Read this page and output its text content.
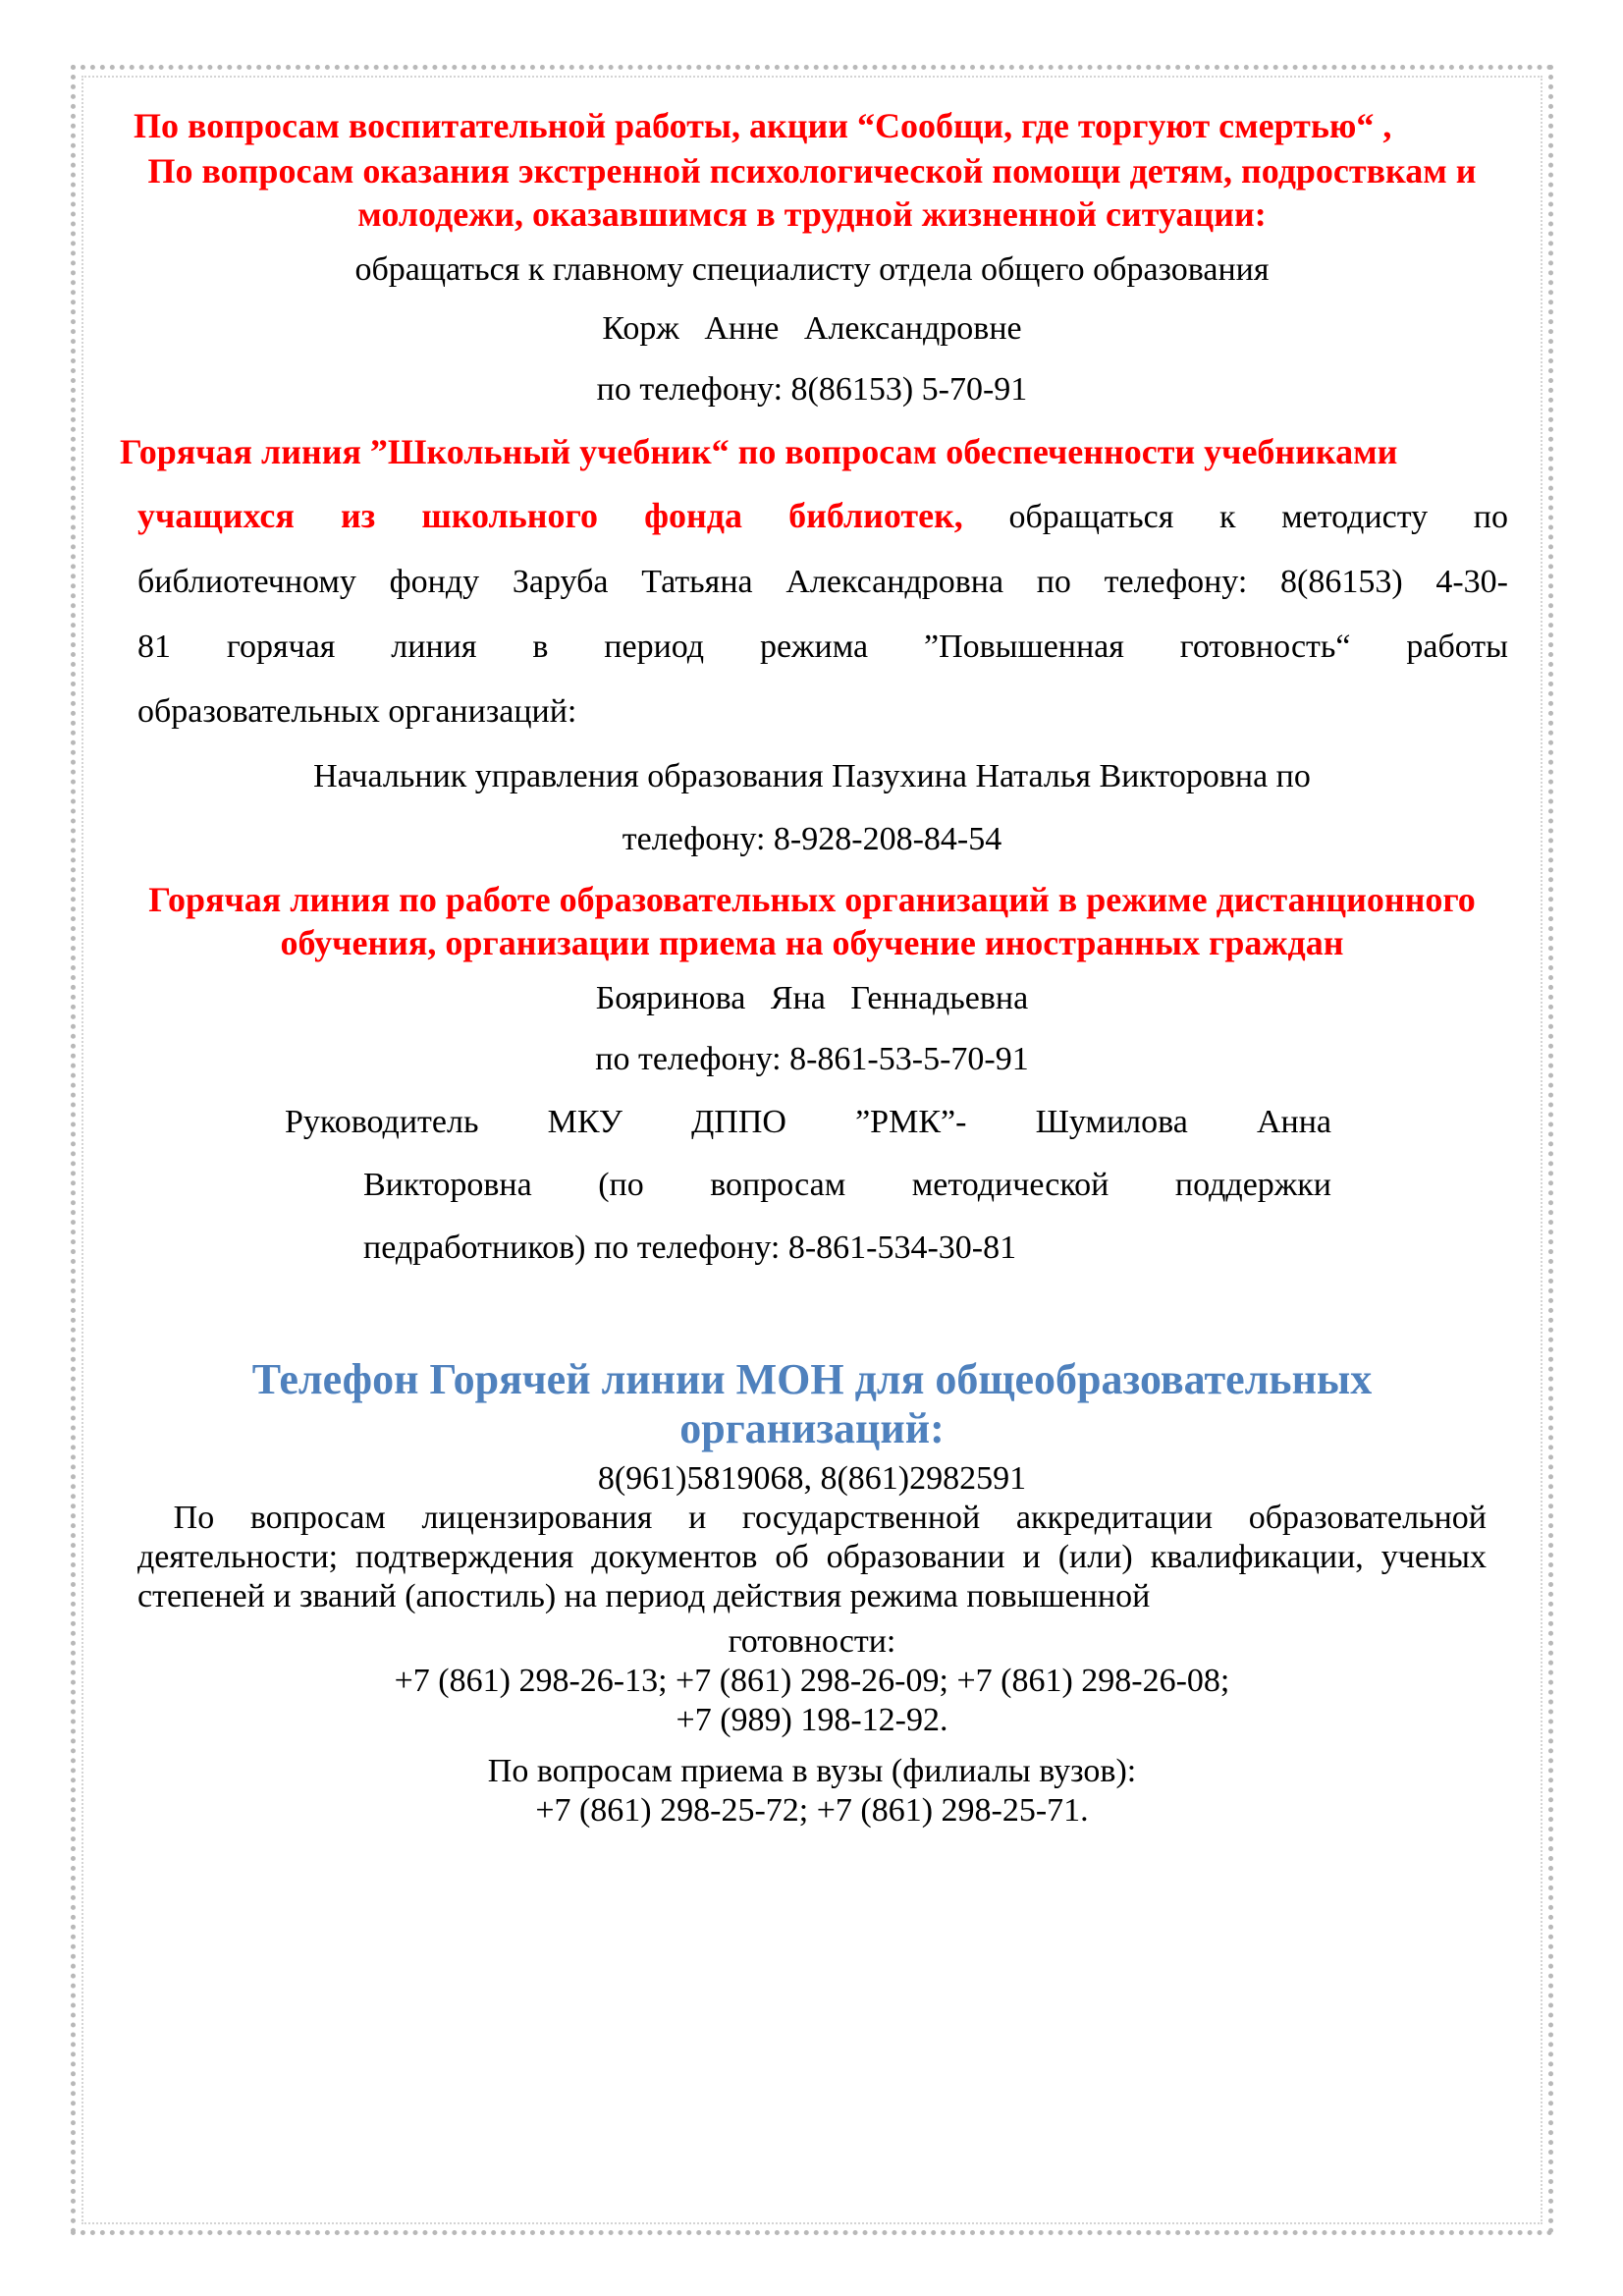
По вопросам воспитательной работы, акции “Сообщи, где торгуют смертью“ ,

По вопросам оказания экстренной психологической помощи детям, подроствкам и молодежи, оказавшимся в трудной жизненной ситуации:

обращаться к главному специалисту отдела общего образования

Корж   Анне   Александровне

по телефону: 8(86153) 5-70-91

Горячая линия ”Школьный учебник“ по вопросам обеспеченности учебниками

учащихся из школьного фонда библиотек, обращаться к методисту по

библиотечному фонду Заруба Татьяна Александровна по телефону: 8(86153) 4-30-

81 горячая линия в период режима ”Повышенная готовность“ работы

образовательных организаций:

Начальник управления образования Пазухина Наталья Викторовна по

телефону: 8-928-208-84-54

Горячая линия по работе образовательных организаций в режиме дистанционного обучения, организации приема на обучение иностранных граждан

Бояринова   Яна   Геннадьевна

по телефону: 8-861-53-5-70-91

Руководитель МКУ ДППО ”РМК”- Шумилова Анна

Викторовна (по вопросам методической поддержки

педработников) по телефону: 8-861-534-30-81

Телефон Горячей линии МОН для общеобразовательных организаций:

8(961)5819068, 8(861)2982591

По вопросам лицензирования и государственной аккредитации образовательной деятельности; подтверждения документов об образовании и (или) квалификации, ученых степеней и званий (апостиль) на период действия режима повышенной

готовности:

+7 (861) 298-26-13; +7 (861) 298-26-09; +7 (861) 298-26-08;

+7 (989) 198-12-92.

По вопросам приема в вузы (филиалы вузов):

+7 (861) 298-25-72; +7 (861) 298-25-71.
